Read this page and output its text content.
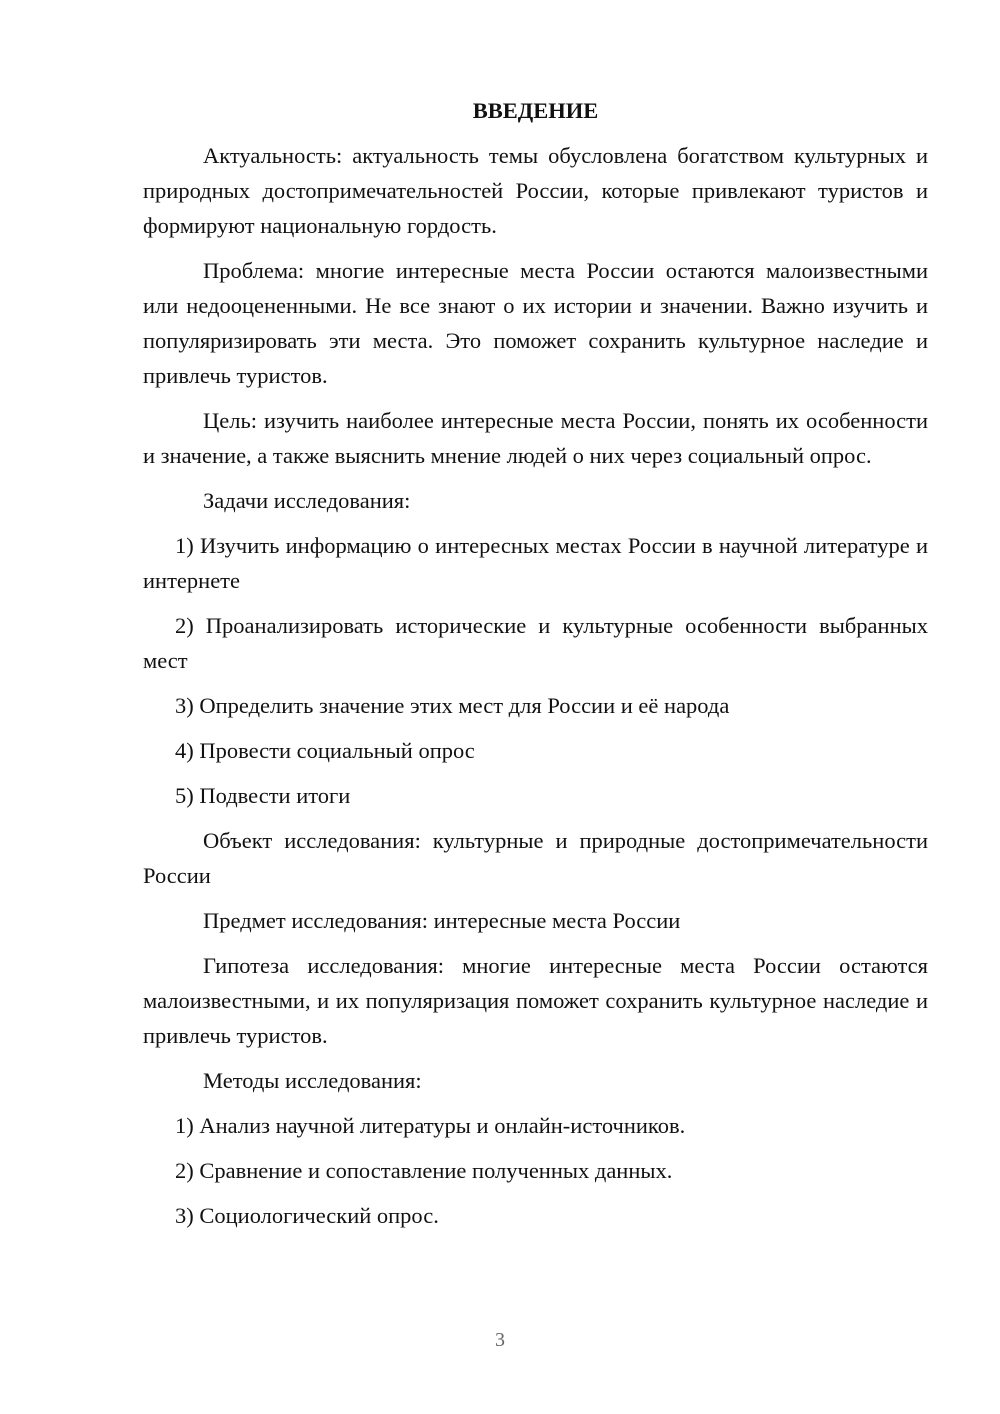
ВВЕДЕНИЕ

Актуальность: актуальность темы обусловлена богатством культурных и природных достопримечательностей России, которые привлекают туристов и формируют национальную гордость.

Проблема: многие интересные места России остаются малоизвестными или недооцененными. Не все знают о их истории и значении. Важно изучить и популяризировать эти места. Это поможет сохранить культурное наследие и привлечь туристов.

Цель: изучить наиболее интересные места России, понять их особенности и значение, а также выяснить мнение людей о них через социальный опрос.

Задачи исследования:

1) Изучить информацию о интересных местах России в научной литературе и интернете

2) Проанализировать исторические и культурные особенности выбранных мест

3) Определить значение этих мест для России и её народа

4) Провести социальный опрос

5) Подвести итоги

Объект исследования: культурные и природные достопримечательности России

Предмет исследования: интересные места России

Гипотеза исследования: многие интересные места России остаются малоизвестными, и их популяризация поможет сохранить культурное наследие и привлечь туристов.

Методы исследования:

1) Анализ научной литературы и онлайн-источников.

2) Сравнение и сопоставление полученных данных.

3) Социологический опрос.

3
